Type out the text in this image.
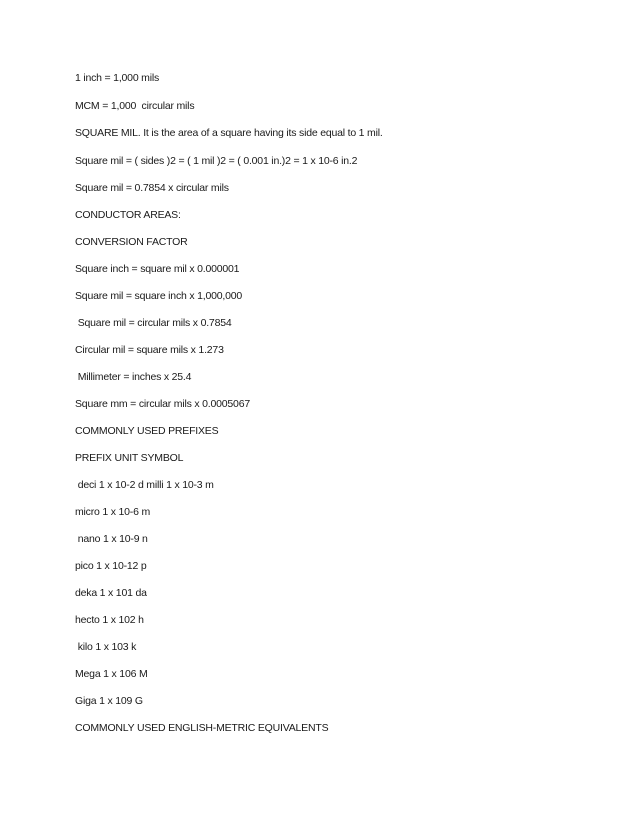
1 inch = 1,000 mils

MCM = 1,000  circular mils

SQUARE MIL. It is the area of a square having its side equal to 1 mil.

Square mil = ( sides )2 = ( 1 mil )2 = ( 0.001 in.)2 = 1 x 10-6 in.2

Square mil = 0.7854 x circular mils

CONDUCTOR AREAS:

CONVERSION FACTOR

Square inch = square mil x 0.000001

Square mil = square inch x 1,000,000

Square mil = circular mils x 0.7854

Circular mil = square mils x 1.273

Millimeter = inches x 25.4

Square mm = circular mils x 0.0005067

COMMONLY USED PREFIXES

PREFIX UNIT SYMBOL

deci 1 x 10-2 d milli 1 x 10-3 m

micro 1 x 10-6 m

nano 1 x 10-9 n

pico 1 x 10-12 p

deka 1 x 101 da

hecto 1 x 102 h

kilo 1 x 103 k

Mega 1 x 106 M

Giga 1 x 109 G

COMMONLY USED ENGLISH-METRIC EQUIVALENTS
